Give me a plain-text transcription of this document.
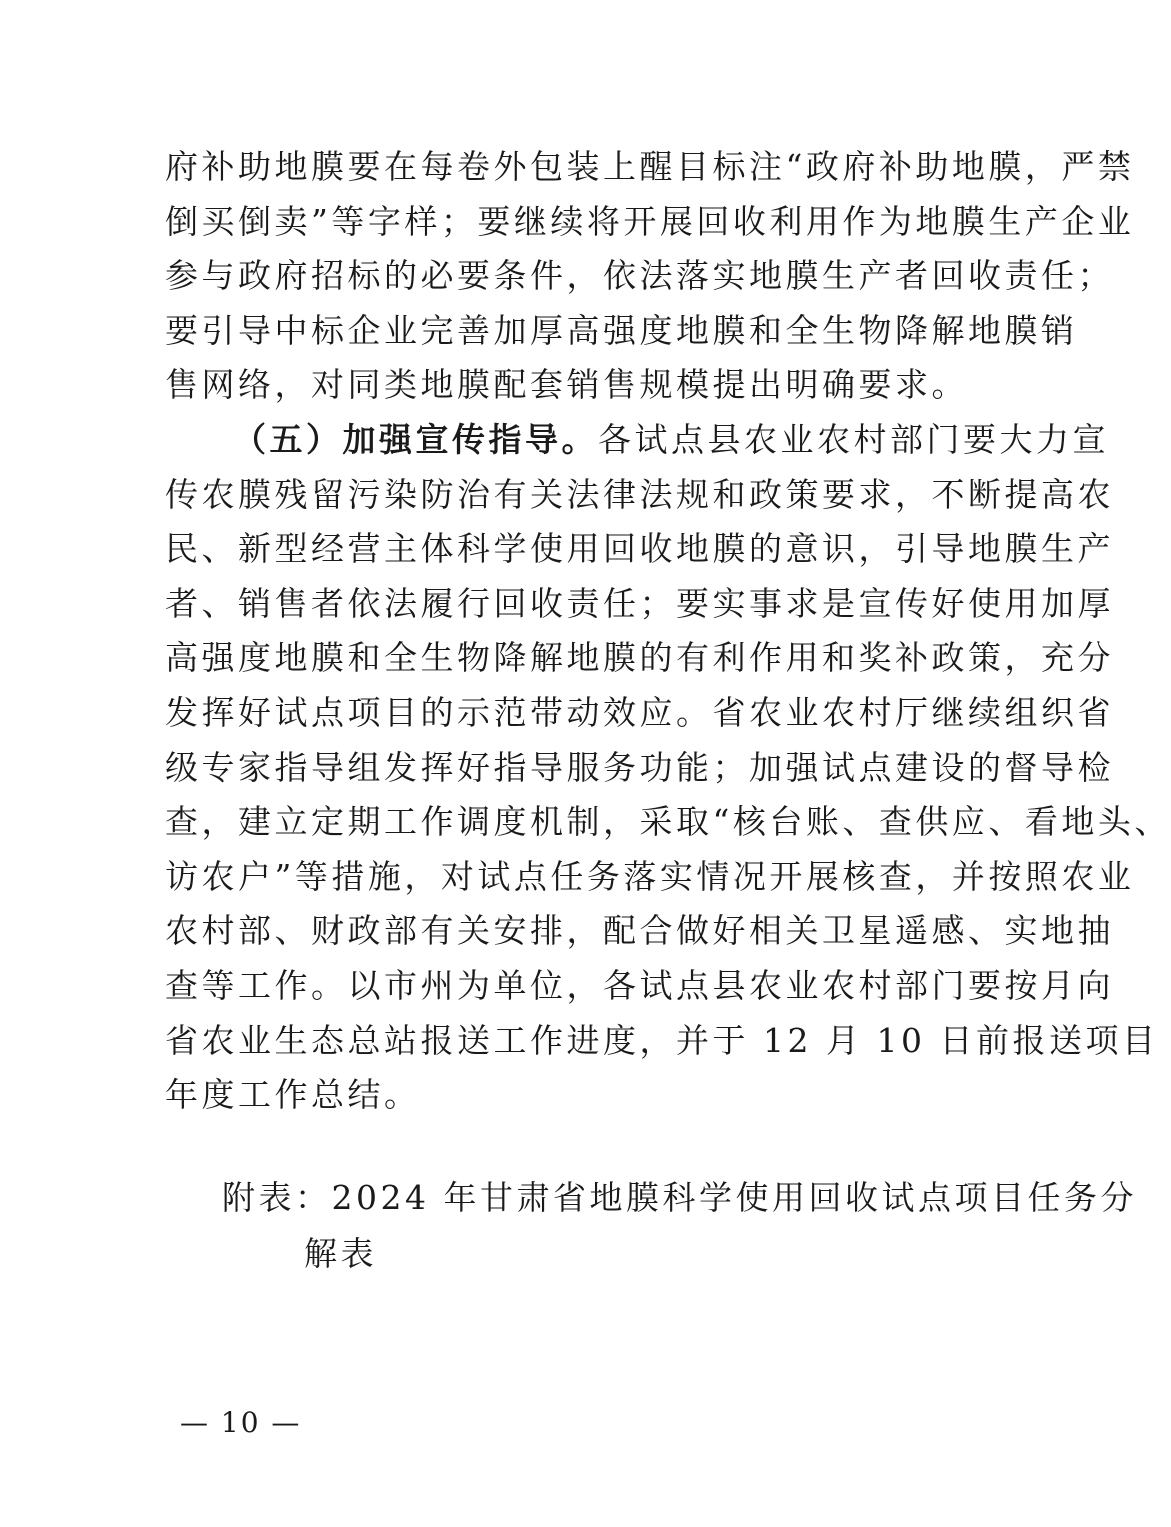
府补助地膜要在每卷外包装上醒目标注“政府补助地膜，严禁
倒买倒卖”等字样；要继续将开展回收利用作为地膜生产企业
参与政府招标的必要条件，依法落实地膜生产者回收责任；
要引导中标企业完善加厚高强度地膜和全生物降解地膜销
售网络，对同类地膜配套销售规模提出明确要求。
（五）加强宣传指导。各试点县农业农村部门要大力宣
传农膜残留污染防治有关法律法规和政策要求，不断提高农
民、新型经营主体科学使用回收地膜的意识，引导地膜生产
者、销售者依法履行回收责任；要实事求是宣传好使用加厚
高强度地膜和全生物降解地膜的有利作用和奖补政策，充分
发挥好试点项目的示范带动效应。省农业农村厅继续组织省
级专家指导组发挥好指导服务功能；加强试点建设的督导检
查，建立定期工作调度机制，采取“核台账、查供应、看地头、
访农户”等措施，对试点任务落实情况开展核查，并按照农业
农村部、财政部有关安排，配合做好相关卫星遥感、实地抽
查等工作。以市州为单位，各试点县农业农村部门要按月向
省农业生态总站报送工作进度，并于 12 月 10 日前报送项目
年度工作总结。
附表：2024 年甘肃省地膜科学使用回收试点项目任务分
解表
— 10 —
